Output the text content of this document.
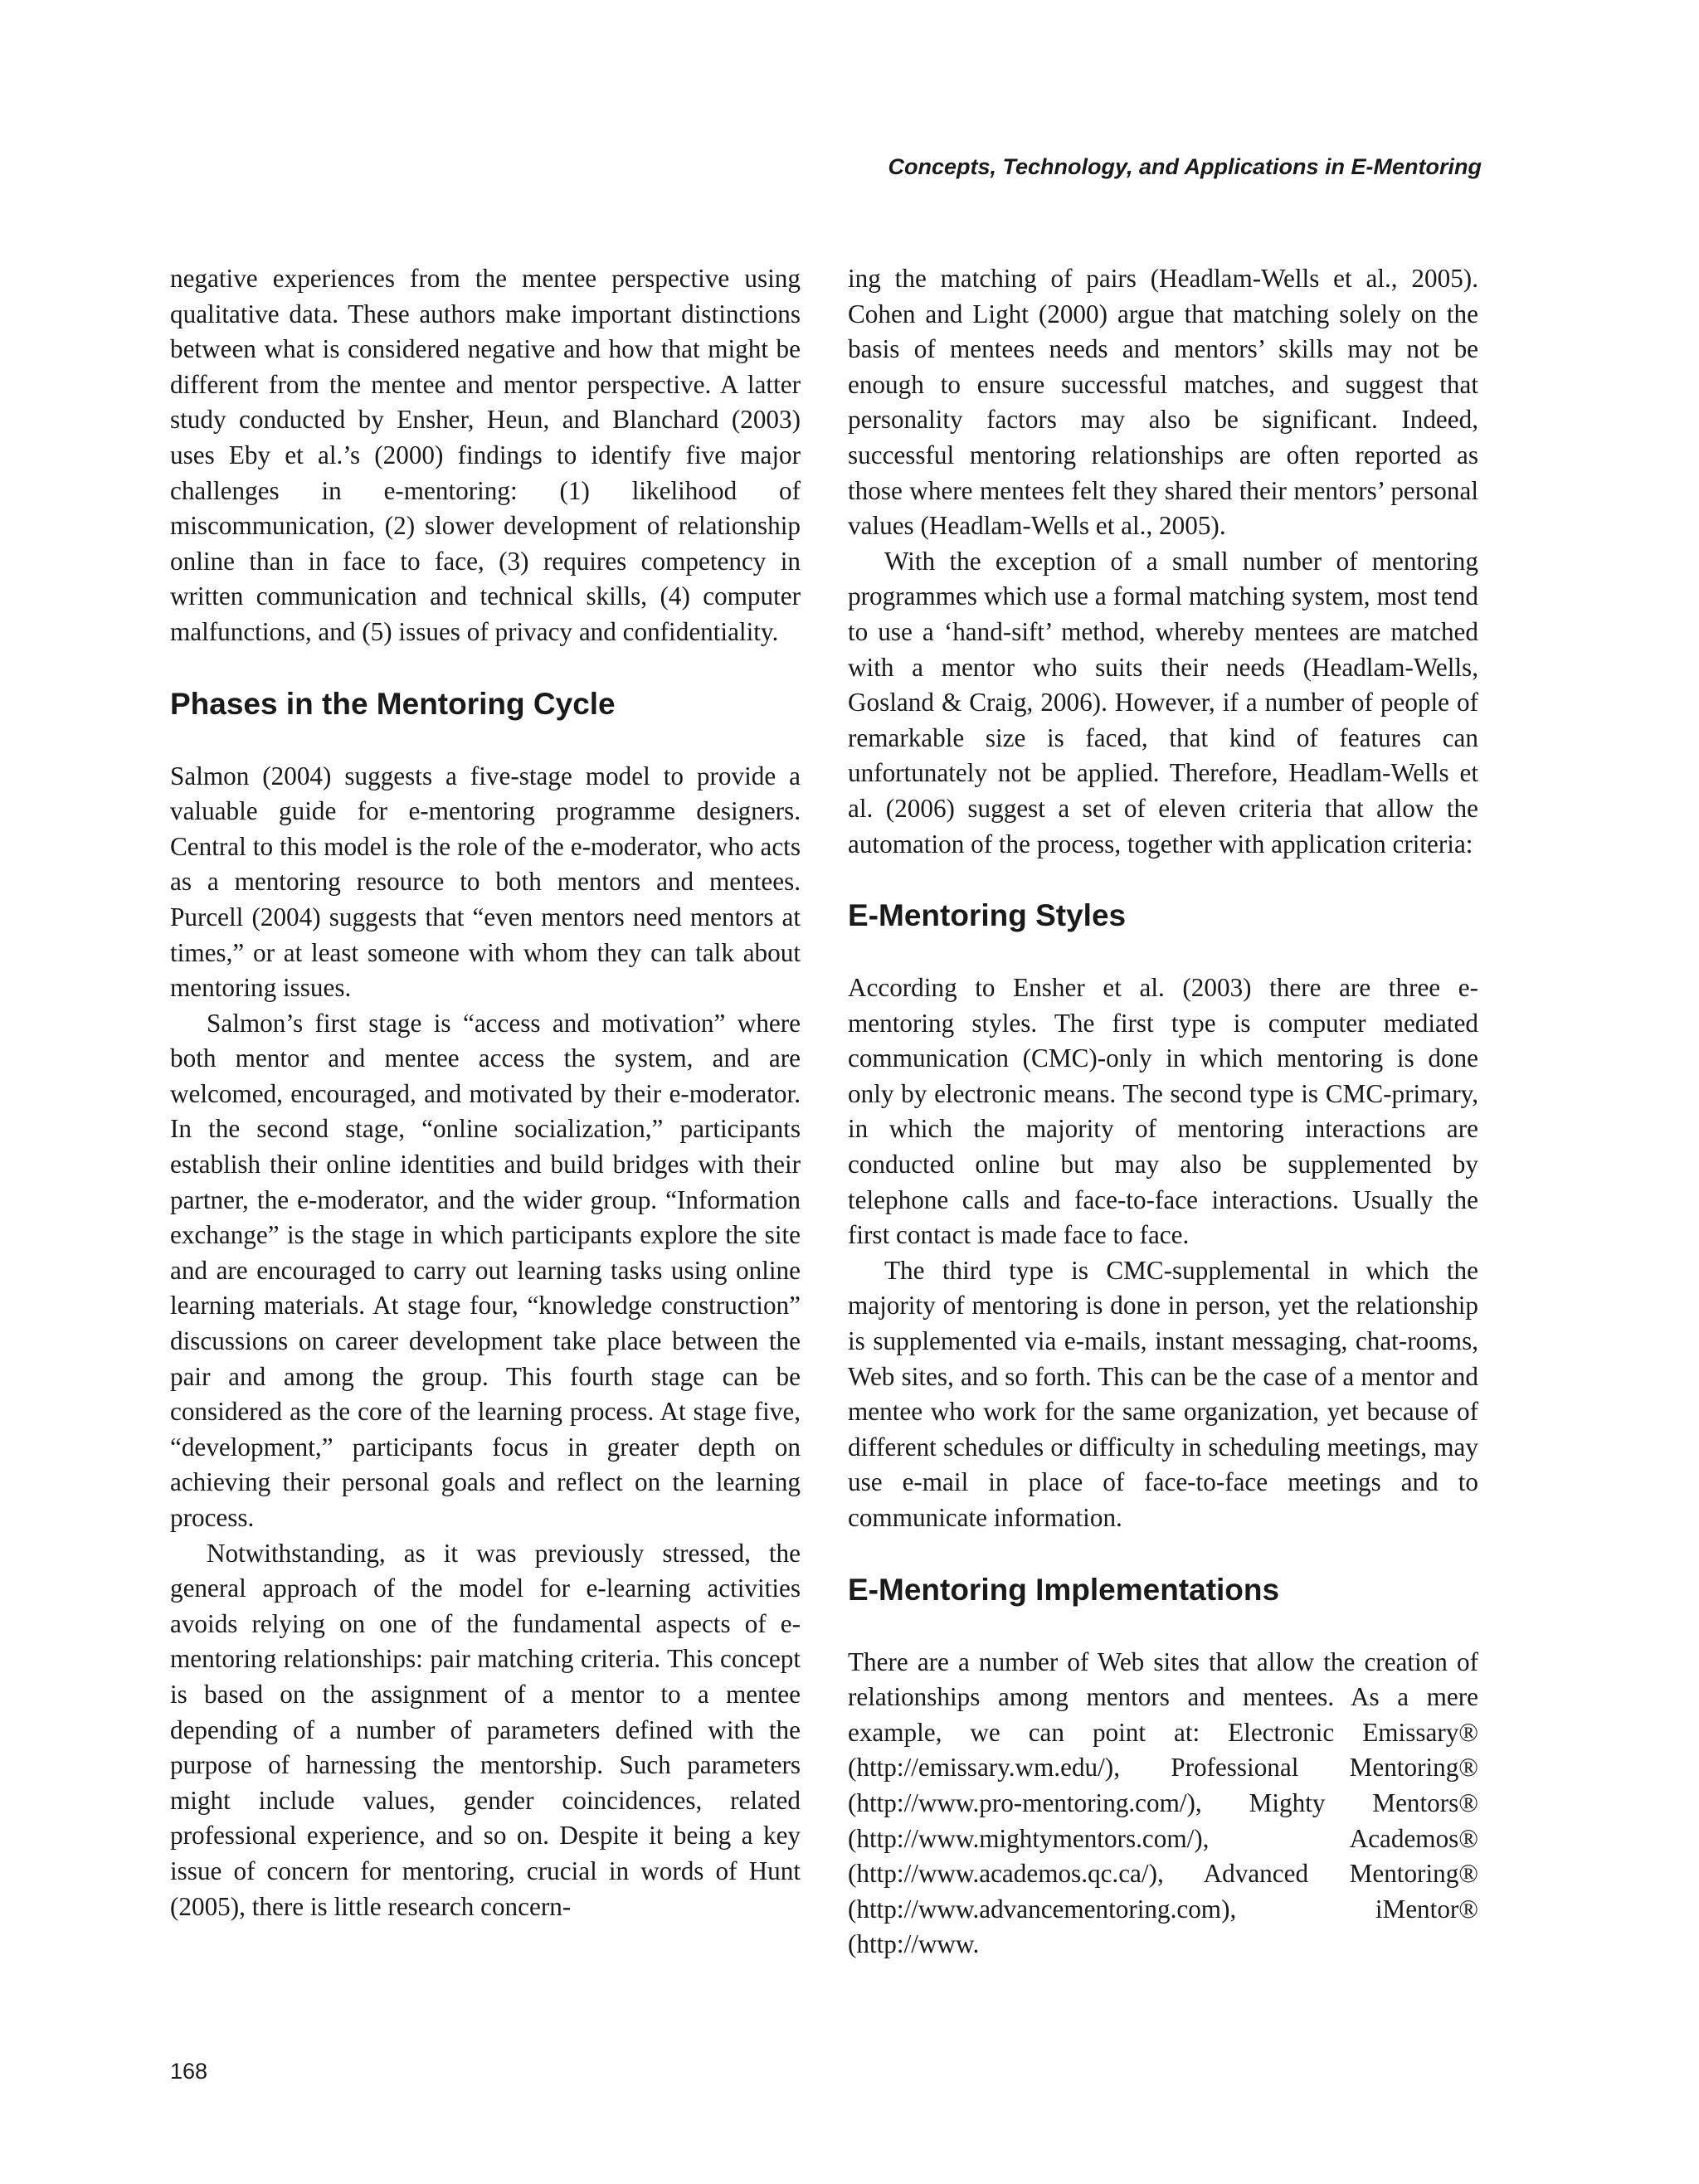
Concepts, Technology, and Applications in E-Mentoring

negative experiences from the mentee perspective using qualitative data. These authors make important distinctions between what is considered negative and how that might be different from the mentee and mentor perspective. A latter study conducted by Ensher, Heun, and Blanchard (2003) uses Eby et al.’s (2000) findings to identify five major challenges in e-mentoring: (1) likelihood of miscommunication, (2) slower development of relationship online than in face to face, (3) requires competency in written communication and technical skills, (4) computer malfunctions, and (5) issues of privacy and confidentiality.

Phases in the Mentoring Cycle

Salmon (2004) suggests a five-stage model to provide a valuable guide for e-mentoring programme designers. Central to this model is the role of the e-moderator, who acts as a mentoring resource to both mentors and mentees. Purcell (2004) suggests that “even mentors need mentors at times,” or at least someone with whom they can talk about mentoring issues.

Salmon’s first stage is “access and motivation” where both mentor and mentee access the system, and are welcomed, encouraged, and motivated by their e-moderator. In the second stage, “online socialization,” participants establish their online identities and build bridges with their partner, the e-moderator, and the wider group. “Information exchange” is the stage in which participants explore the site and are encouraged to carry out learning tasks using online learning materials. At stage four, “knowledge construction” discussions on career development take place between the pair and among the group. This fourth stage can be considered as the core of the learning process. At stage five, “development,” participants focus in greater depth on achieving their personal goals and reflect on the learning process.

Notwithstanding, as it was previously stressed, the general approach of the model for e-learning activities avoids relying on one of the fundamental aspects of e-mentoring relationships: pair matching criteria. This concept is based on the assignment of a mentor to a mentee depending of a number of parameters defined with the purpose of harnessing the mentorship. Such parameters might include values, gender coincidences, related professional experience, and so on. Despite it being a key issue of concern for mentoring, crucial in words of Hunt (2005), there is little research concern-

ing the matching of pairs (Headlam-Wells et al., 2005). Cohen and Light (2000) argue that matching solely on the basis of mentees needs and mentors’ skills may not be enough to ensure successful matches, and suggest that personality factors may also be significant. Indeed, successful mentoring relationships are often reported as those where mentees felt they shared their mentors’ personal values (Headlam-Wells et al., 2005).

With the exception of a small number of mentoring programmes which use a formal matching system, most tend to use a ‘hand-sift’ method, whereby mentees are matched with a mentor who suits their needs (Headlam-Wells, Gosland & Craig, 2006). However, if a number of people of remarkable size is faced, that kind of features can unfortunately not be applied. Therefore, Headlam-Wells et al. (2006) suggest a set of eleven criteria that allow the automation of the process, together with application criteria:

E-Mentoring Styles

According to Ensher et al. (2003) there are three e-mentoring styles. The first type is computer mediated communication (CMC)-only in which mentoring is done only by electronic means. The second type is CMC-primary, in which the majority of mentoring interactions are conducted online but may also be supplemented by telephone calls and face-to-face interactions. Usually the first contact is made face to face.

The third type is CMC-supplemental in which the majority of mentoring is done in person, yet the relationship is supplemented via e-mails, instant messaging, chat-rooms, Web sites, and so forth. This can be the case of a mentor and mentee who work for the same organization, yet because of different schedules or difficulty in scheduling meetings, may use e-mail in place of face-to-face meetings and to communicate information.

E-Mentoring Implementations

There are a number of Web sites that allow the creation of relationships among mentors and mentees. As a mere example, we can point at: Electronic Emissary® (http://emissary.wm.edu/), Professional Mentoring® (http://www.pro-mentoring.com/), Mighty Mentors® (http://www.mightymentors.com/), Academos® (http://www.academos.qc.ca/), Advanced Mentoring® (http://www.advancementoring.com), iMentor® (http://www.

168
